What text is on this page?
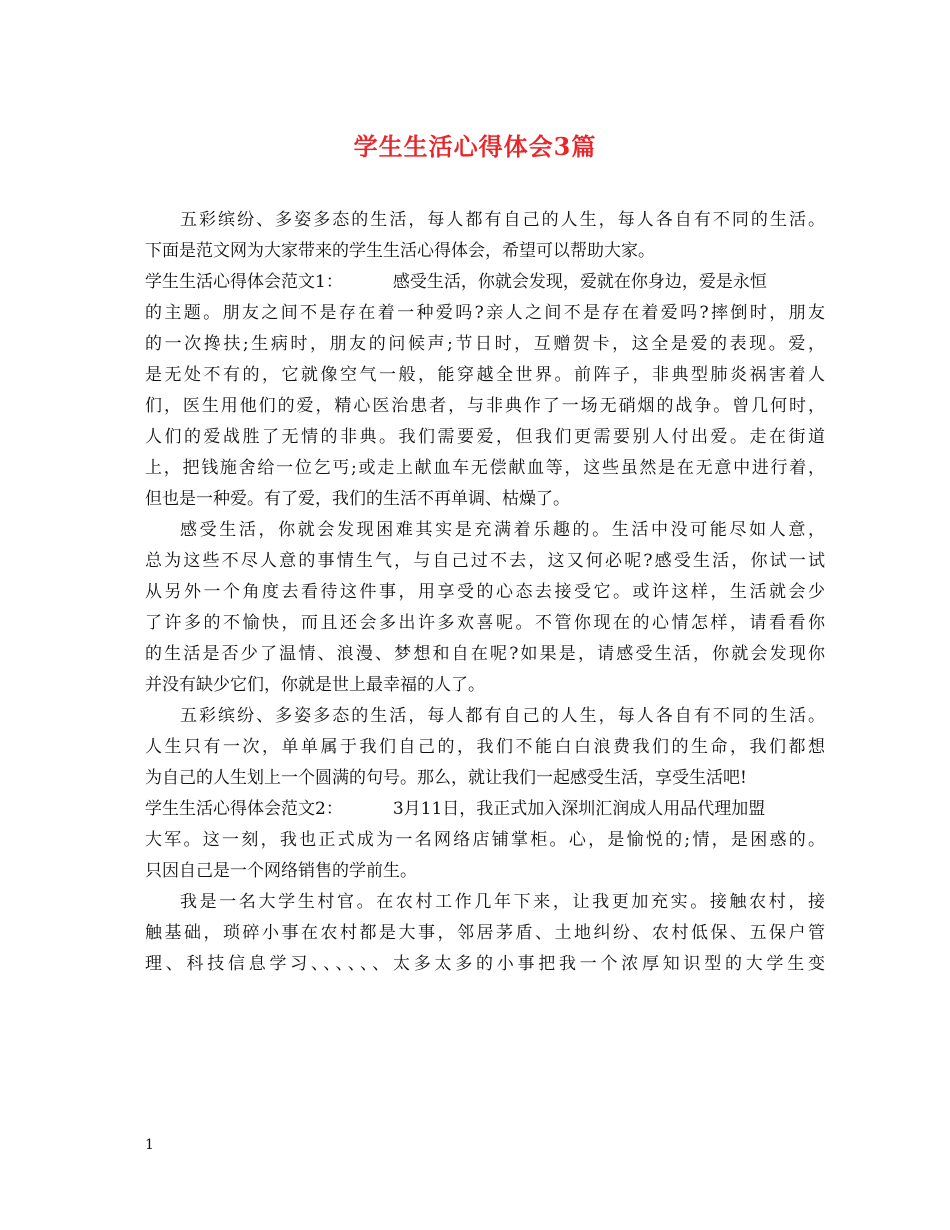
学生生活心得体会3篇
五彩缤纷、多姿多态的生活，每人都有自己的人生，每人各自有不同的生活。
下面是范文网为大家带来的学生生活心得体会，希望可以帮助大家。
学生生活心得体会范文1：	感受生活，你就会发现，爱就在你身边，爱是永恒
的主题。朋友之间不是存在着一种爱吗?亲人之间不是存在着爱吗?摔倒时，朋友
的一次搀扶;生病时，朋友的问候声;节日时，互赠贺卡，这全是爱的表现。爱，
是无处不有的，它就像空气一般，能穿越全世界。前阵子，非典型肺炎祸害着人
们，医生用他们的爱，精心医治患者，与非典作了一场无硝烟的战争。曾几何时，
人们的爱战胜了无情的非典。我们需要爱，但我们更需要别人付出爱。走在街道
上，把钱施舍给一位乞丐;或走上献血车无偿献血等，这些虽然是在无意中进行着，
但也是一种爱。有了爱，我们的生活不再单调、枯燥了。
感受生活，你就会发现困难其实是充满着乐趣的。生活中没可能尽如人意，
总为这些不尽人意的事情生气，与自己过不去，这又何必呢?感受生活，你试一试
从另外一个角度去看待这件事，用享受的心态去接受它。或许这样，生活就会少
了许多的不愉快，而且还会多出许多欢喜呢。不管你现在的心情怎样，请看看你
的生活是否少了温情、浪漫、梦想和自在呢?如果是，请感受生活，你就会发现你
并没有缺少它们，你就是世上最幸福的人了。
五彩缤纷、多姿多态的生活，每人都有自己的人生，每人各自有不同的生活。
人生只有一次，单单属于我们自己的，我们不能白白浪费我们的生命，我们都想
为自己的人生划上一个圆满的句号。那么，就让我们一起感受生活，享受生活吧!
学生生活心得体会范文2：	3月11日，我正式加入深圳汇润成人用品代理加盟
大军。这一刻，我也正式成为一名网络店铺掌柜。心，是愉悦的;情，是困惑的。
只因自己是一个网络销售的学前生。
我是一名大学生村官。在农村工作几年下来，让我更加充实。接触农村，接
触基础，琐碎小事在农村都是大事，邻居茅盾、土地纠纷、农村低保、五保户管
理、科技信息学习、、、、、、太多太多的小事把我一个浓厚知识型的大学生变
1
